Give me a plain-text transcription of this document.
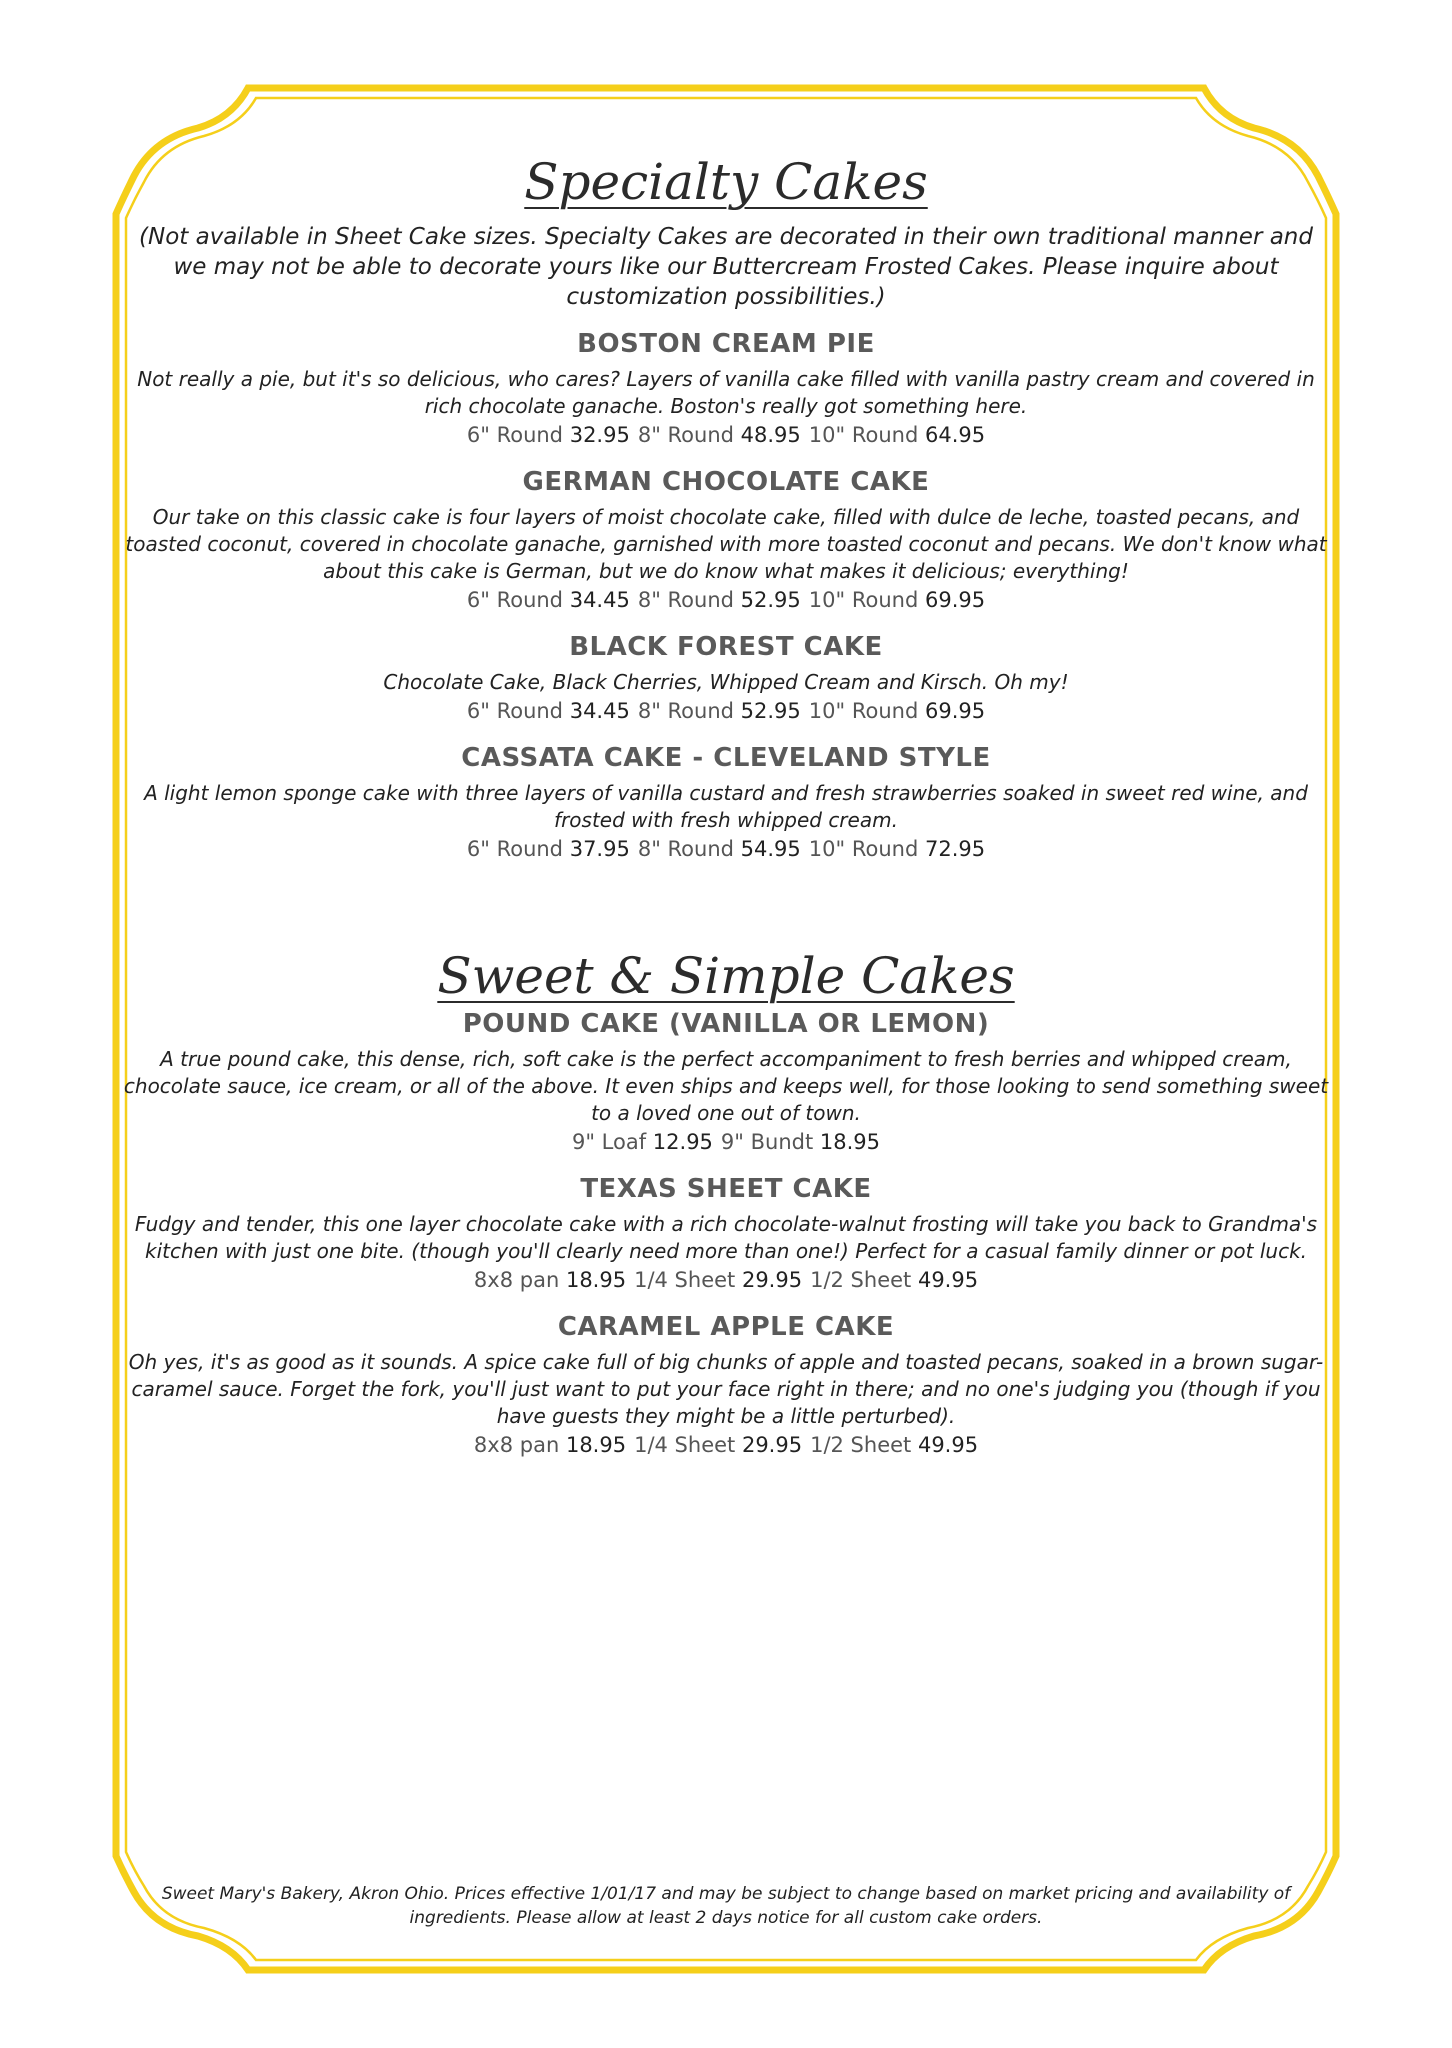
Specialty Cakes

(Not available in Sheet Cake sizes. Specialty Cakes are decorated in their own traditional manner and we may not be able to decorate yours like our Buttercream Frosted Cakes. Please inquire about customization possibilities.)

BOSTON CREAM PIE

Not really a pie, but it's so delicious, who cares? Layers of vanilla cake filled with vanilla pastry cream and covered in rich chocolate ganache. Boston's really got something here.

6" Round 32.95 8" Round 48.95 10" Round 64.95

GERMAN CHOCOLATE CAKE

Our take on this classic cake is four layers of moist chocolate cake, filled with dulce de leche, toasted pecans, and toasted coconut, covered in chocolate ganache, garnished with more toasted coconut and pecans. We don't know what about this cake is German, but we do know what makes it delicious; everything!

6" Round 34.45 8" Round 52.95 10" Round 69.95

BLACK FOREST CAKE

Chocolate Cake, Black Cherries, Whipped Cream and Kirsch. Oh my!

6" Round 34.45 8" Round 52.95 10" Round 69.95

CASSATA CAKE - CLEVELAND STYLE

A light lemon sponge cake with three layers of vanilla custard and fresh strawberries soaked in sweet red wine, and frosted with fresh whipped cream.

6" Round 37.95 8" Round 54.95 10" Round 72.95

Sweet & Simple Cakes
POUND CAKE (VANILLA OR LEMON)

A true pound cake, this dense, rich, soft cake is the perfect accompaniment to fresh berries and whipped cream, chocolate sauce, ice cream, or all of the above. It even ships and keeps well, for those looking to send something sweet to a loved one out of town.

9" Loaf 12.95 9" Bundt 18.95

TEXAS SHEET CAKE

Fudgy and tender, this one layer chocolate cake with a rich chocolate-walnut frosting will take you back to Grandma's kitchen with just one bite. (though you'll clearly need more than one!) Perfect for a casual family dinner or pot luck.

8x8 pan 18.95 1/4 Sheet 29.95 1/2 Sheet 49.95

CARAMEL APPLE CAKE

Oh yes, it's as good as it sounds. A spice cake full of big chunks of apple and toasted pecans, soaked in a brown sugar-caramel sauce. Forget the fork, you'll just want to put your face right in there; and no one's judging you (though if you have guests they might be a little perturbed).

8x8 pan 18.95 1/4 Sheet 29.95 1/2 Sheet 49.95

Sweet Mary's Bakery, Akron Ohio. Prices effective 1/01/17 and may be subject to change based on market pricing and availability of ingredients. Please allow at least 2 days notice for all custom cake orders.
